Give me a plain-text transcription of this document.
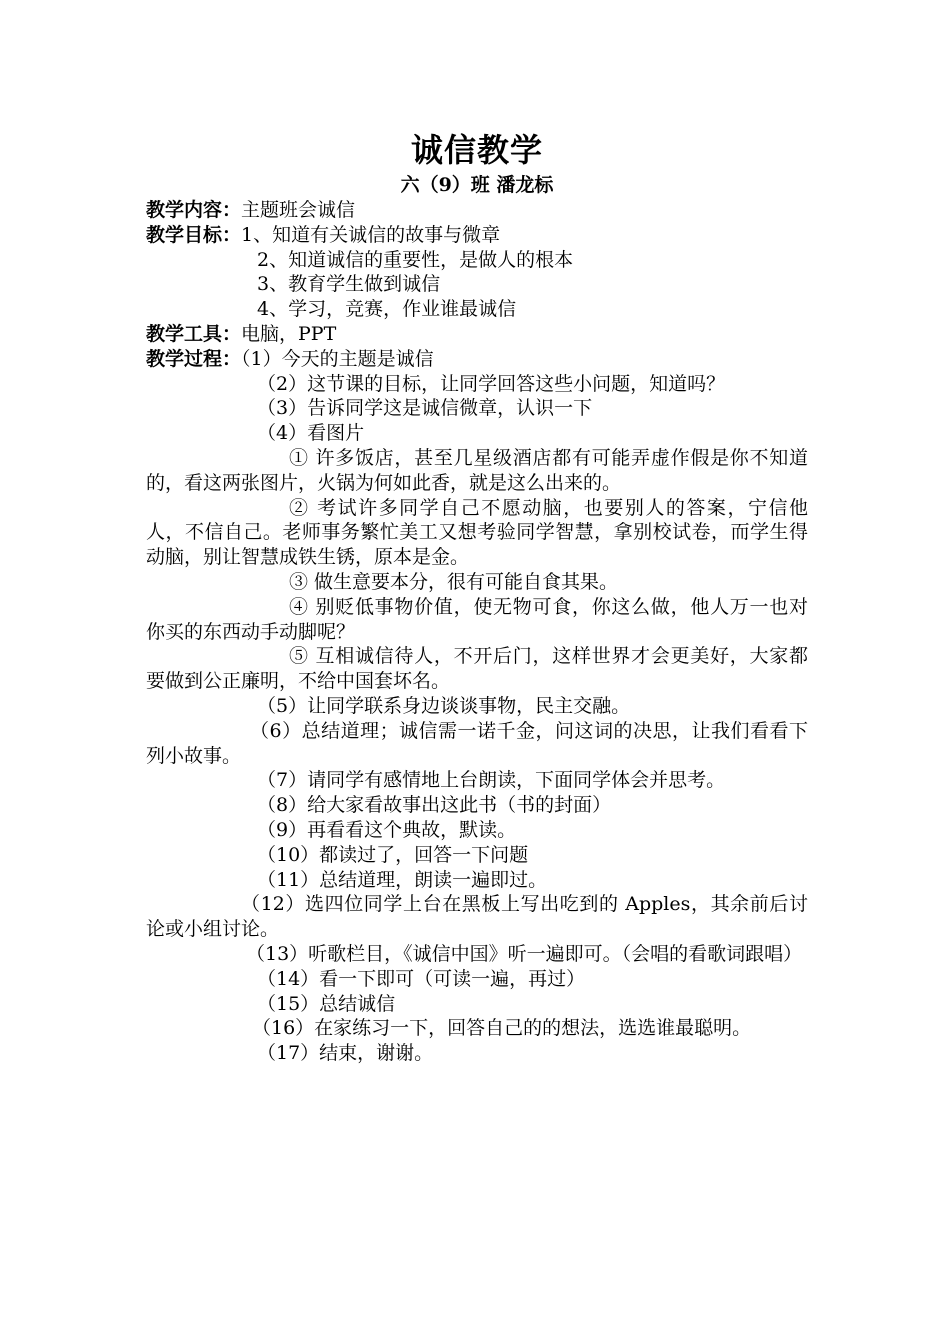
诚信教学
六（9）班 潘龙标
教学内容：主题班会诚信
教学目标：1、知道有关诚信的故事与微章
2、知道诚信的重要性，是做人的根本
3、教育学生做到诚信
4、学习，竞赛，作业谁最诚信
教学工具：电脑，PPT
教学过程：（1）今天的主题是诚信
（2）这节课的目标，让同学回答这些小问题，知道吗？
（3）告诉同学这是诚信微章，认识一下
（4）看图片
① 许多饭店，甚至几星级酒店都有可能弄虚作假是你不知道的，看这两张图片，火锅为何如此香，就是这么出来的。
② 考试许多同学自己不愿动脑，也要别人的答案，宁信他人，不信自己。老师事务繁忙美工又想考验同学智慧，拿别校试卷，而学生得动脑，别让智慧成铁生锈，原本是金。
③ 做生意要本分，很有可能自食其果。
④ 别贬低事物价值，使无物可食，你这么做，他人万一也对你买的东西动手动脚呢？
⑤ 互相诚信待人，不开后门，这样世界才会更美好，大家都要做到公正廉明，不给中国套坏名。
（5）让同学联系身边谈谈事物，民主交融。
（6）总结道理；诚信需一诺千金，问这词的决思，让我们看看下列小故事。
（7）请同学有感情地上台朗读，下面同学体会并思考。
（8）给大家看故事出这此书（书的封面）
（9）再看看这个典故，默读。
（10）都读过了，回答一下问题
（11）总结道理，朗读一遍即过。
（12）选四位同学上台在黑板上写出吃到的 Apples，其余前后讨论或小组讨论。
（13）听歌栏目，《诚信中国》听一遍即可。（会唱的看歌词跟唱）
（14）看一下即可（可读一遍，再过）
（15）总结诚信
（16）在家练习一下，回答自己的的想法，选选谁最聪明。
（17）结束，谢谢。
